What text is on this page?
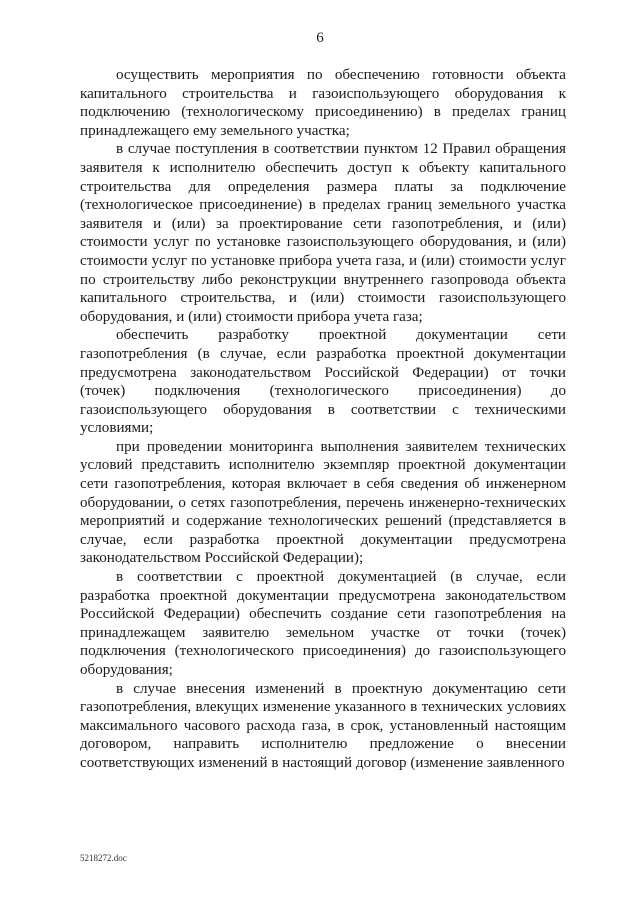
6

осуществить мероприятия по обеспечению готовности объекта капитального строительства и газоиспользующего оборудования к подключению (технологическому присоединению) в пределах границ принадлежащего ему земельного участка;

в случае поступления в соответствии пунктом 12 Правил обращения заявителя к исполнителю обеспечить доступ к объекту капитального строительства для определения размера платы за подключение (технологическое присоединение) в пределах границ земельного участка заявителя и (или) за проектирование сети газопотребления, и (или) стоимости услуг по установке газоиспользующего оборудования, и (или) стоимости услуг по установке прибора учета газа, и (или) стоимости услуг по строительству либо реконструкции внутреннего газопровода объекта капитального строительства, и (или) стоимости газоиспользующего оборудования, и (или) стоимости прибора учета газа;

обеспечить разработку проектной документации сети газопотребления (в случае, если разработка проектной документации предусмотрена законодательством Российской Федерации) от точки (точек) подключения (технологического присоединения) до газоиспользующего оборудования в соответствии с техническими условиями;

при проведении мониторинга выполнения заявителем технических условий представить исполнителю экземпляр проектной документации сети газопотребления, которая включает в себя сведения об инженерном оборудовании, о сетях газопотребления, перечень инженерно-технических мероприятий и содержание технологических решений (представляется в случае, если разработка проектной документации предусмотрена законодательством Российской Федерации);

в соответствии с проектной документацией (в случае, если разработка проектной документации предусмотрена законодательством Российской Федерации) обеспечить создание сети газопотребления на принадлежащем заявителю земельном участке от точки (точек) подключения (технологического присоединения) до газоиспользующего оборудования;

в случае внесения изменений в проектную документацию сети газопотребления, влекущих изменение указанного в технических условиях максимального часового расхода газа, в срок, установленный настоящим договором, направить исполнителю предложение о внесении соответствующих изменений в настоящий договор (изменение заявленного

5218272.doc
